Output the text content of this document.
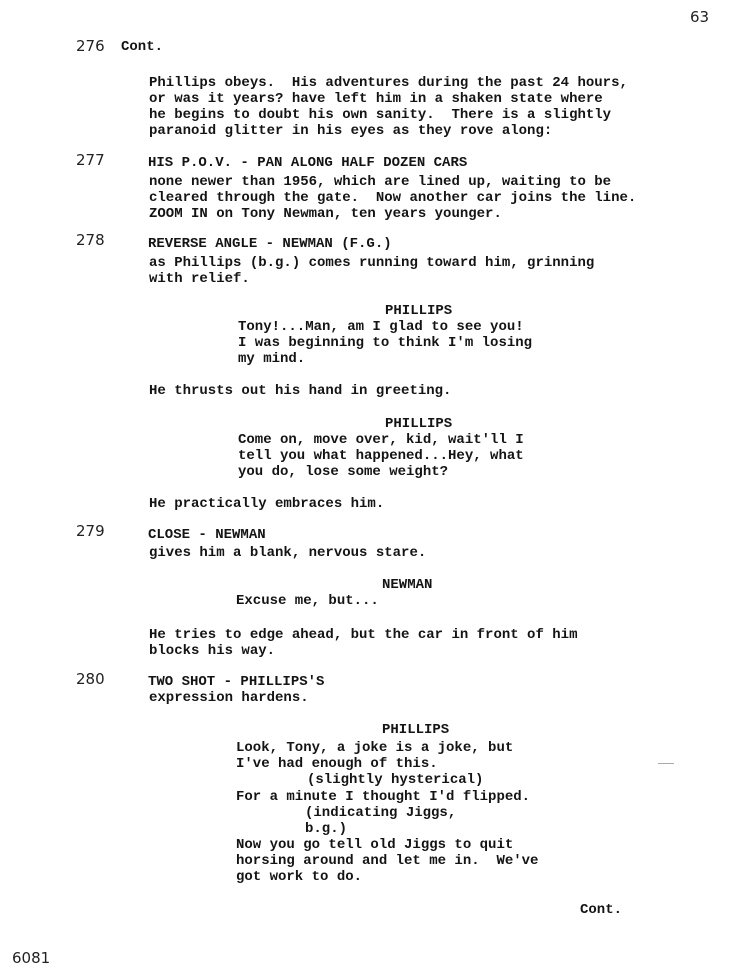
63
276 Cont.
Phillips obeys.  His adventures during the past 24 hours,
or was it years? have left him in a shaken state where
he begins to doubt his own sanity.  There is a slightly
paranoid glitter in his eyes as they rove along:
277	HIS P.O.V. - PAN ALONG HALF DOZEN CARS
none newer than 1956, which are lined up, waiting to be
cleared through the gate.  Now another car joins the line.
ZOOM IN on Tony Newman, ten years younger.
278	REVERSE ANGLE - NEWMAN (F.G.)
as Phillips (b.g.) comes running toward him, grinning
with relief.
PHILLIPS
Tony!...Man, am I glad to see you!
I was beginning to think I'm losing
my mind.
He thrusts out his hand in greeting.
PHILLIPS
Come on, move over, kid, wait'll I
tell you what happened...Hey, what
you do, lose some weight?
He practically embraces him.
279	CLOSE - NEWMAN
gives him a blank, nervous stare.
NEWMAN
Excuse me, but...
He tries to edge ahead, but the car in front of him
blocks his way.
280	TWO SHOT - PHILLIPS'S
expression hardens.
PHILLIPS
Look, Tony, a joke is a joke, but
I've had enough of this.
(slightly hysterical)
For a minute I thought I'd flipped.
(indicating Jiggs,
b.g.)
Now you go tell old Jiggs to quit
horsing around and let me in.  We've
got work to do.
Cont.
6081
